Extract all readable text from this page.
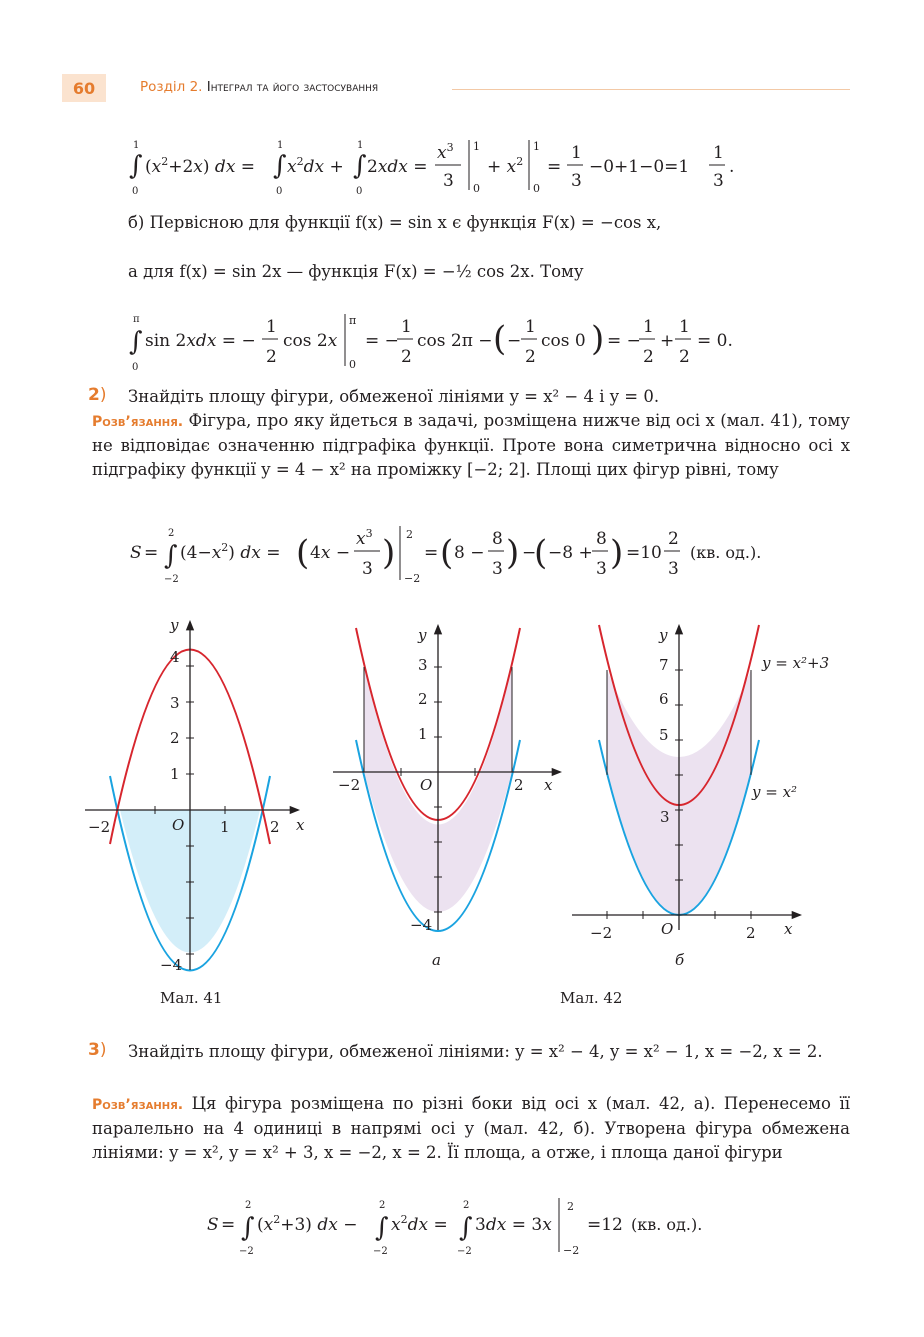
60	Розділ 2. Інтеграл та його застосування
∫
1
0
$(x^2+2x)$ dx = ∫
1
0
$x^2dx$ + ∫
1
0
2xdx =
$x^3$
3
1
0
+ $x^2$
1
0
=
1
3
−0+1−0=1
1
3
.
б) Первісною для функції f(x) = sin x є функція F(x) = −cos x,
а для f(x) = sin 2x — функція F(x) = −½ cos 2x. Тому
∫
π
0
sin 2xdx = −
1
2
cos 2x
π
0
= −
1
2
cos 2π − ( −
1
2
cos 0 ) = −
1
2
+
1
2
= 0.
2) Знайдіть площу фігури, обмеженої лініями y = x² − 4 і y = 0.
Розв’язання. Фігура, про яку йдеться в задачі, розміщена нижче від осі x (мал. 41), тому не відповідає означенню підграфіка функції. Проте вона симетрична відносно осі x підграфіку функції y = 4 − x² на проміжку [−2; 2]. Площі цих фігур рівні, тому
S = ∫
2
−2
$(4-x^2)$ dx = ( 4x −
$x^3$
3 ) 2
−2
= ( 8 −
8
3 ) −
( −8 +
8
3 ) =10
2
3
(кв. од.).
y
4
3
2
1
−2	O 1	2 x
−4
y
3
2
1
−2	O	2 x
−4
а
y
7
6
5
3
−2	O	2 x
y = x²+3
y = x²
б
Мал. 41	Мал. 42
3) Знайдіть площу фігури, обмеженої лініями: y = x² − 4, y = x² − 1, x = −2, x = 2.
Розв’язання. Ця фігура розміщена по різні боки від осі x (мал. 42, а). Перенесемо її паралельно на 4 одиниці в напрямі осі y (мал. 42, б). Утворена фігура обмежена лініями: y = x², y = x² + 3, x = −2, x = 2. Її площа, а отже, і площа даної фігури
S = ∫
2
−2
$(x^2+3)$ dx − ∫
2
−2
$x^2dx$ = ∫
2
−2
3dx = 3x
2
−2
=12 (кв. од.).
